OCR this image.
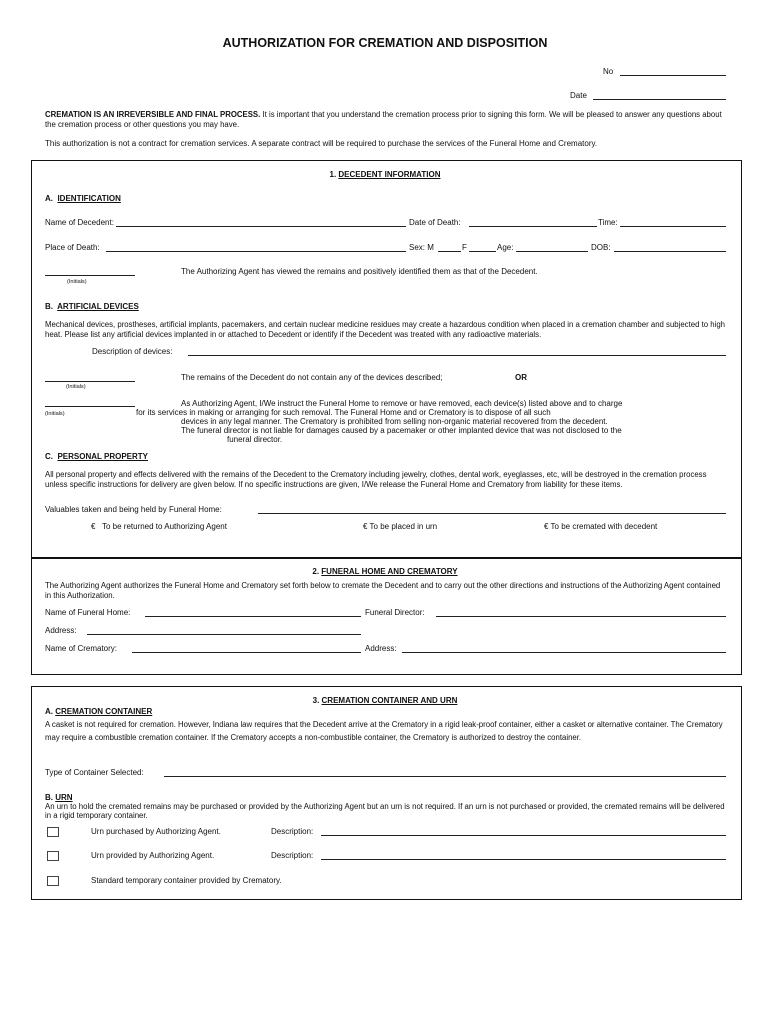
AUTHORIZATION FOR CREMATION AND DISPOSITION
No
Date
CREMATION IS AN IRREVERSIBLE AND FINAL PROCESS. It is important that you understand the cremation process prior to signing this form. We will be pleased to answer any questions about the cremation process or other questions you may have.
This authorization is not a contract for cremation services. A separate contract will be required to purchase the services of the Funeral Home and Crematory.
1. DECEDENT INFORMATION
A. IDENTIFICATION
Name of Decedent:	Date of Death:	Time:
Place of Death:	Sex: M	F	Age:	DOB:
(Initials)
The Authorizing Agent has viewed the remains and positively identified them as that of the Decedent.
B. ARTIFICIAL DEVICES
Mechanical devices, prostheses, artificial implants, pacemakers, and certain nuclear medicine residues may create a hazardous condition when placed in a cremation chamber and subjected to high heat. Please list any artificial devices implanted in or attached to Decedent or identify if the Decedent was treated with any radioactive materials.
Description of devices:
(Initials)
The remains of the Decedent do not contain any of the devices described;	OR
(Initials)
As Authorizing Agent, I/We instruct the Funeral Home to remove or have removed, each device(s) listed above and to charge
for its services in making or arranging for such removal. The Funeral Home and or Crematory is to dispose of all such
devices in any legal manner. The Crematory is prohibited from selling non-organic material recovered from the decedent.
The funeral director is not liable for damages caused by a pacemaker or other implanted device that was not disclosed to the
funeral director.
C. PERSONAL PROPERTY
All personal property and effects delivered with the remains of the Decedent to the Crematory including jewelry, clothes, dental work, eyeglasses, etc, will be destroyed in the cremation process unless specific instructions for delivery are given below. If no specific instructions are given, I/We release the Funeral Home and Crematory from liability for these items.
Valuables taken and being held by Funeral Home:
€ To be returned to Authorizing Agent	€ To be placed in urn	€ To be cremated with decedent
2. FUNERAL HOME AND CREMATORY
The Authorizing Agent authorizes the Funeral Home and Crematory set forth below to cremate the Decedent and to carry out the other directions and instructions of the Authorizing Agent contained in this Authorization.
Name of Funeral Home:	Funeral Director:
Address:
Name of Crematory:	Address:
3. CREMATION CONTAINER AND URN
A. CREMATION CONTAINER
A casket is not required for cremation. However, Indiana law requires that the Decedent arrive at the Crematory in a rigid leak-proof container, either a casket or alternative container. The Crematory may require a combustible cremation container. If the Crematory accepts a non-combustible container, the Crematory is authorized to destroy the container.
Type of Container Selected:
B. URN
An urn to hold the cremated remains may be purchased or provided by the Authorizing Agent but an urn is not required. If an urn is not purchased or provided, the cremated remains will be delivered in a rigid temporary container.
Urn purchased by Authorizing Agent.	Description:
Urn provided by Authorizing Agent.	Description:
Standard temporary container provided by Crematory.
